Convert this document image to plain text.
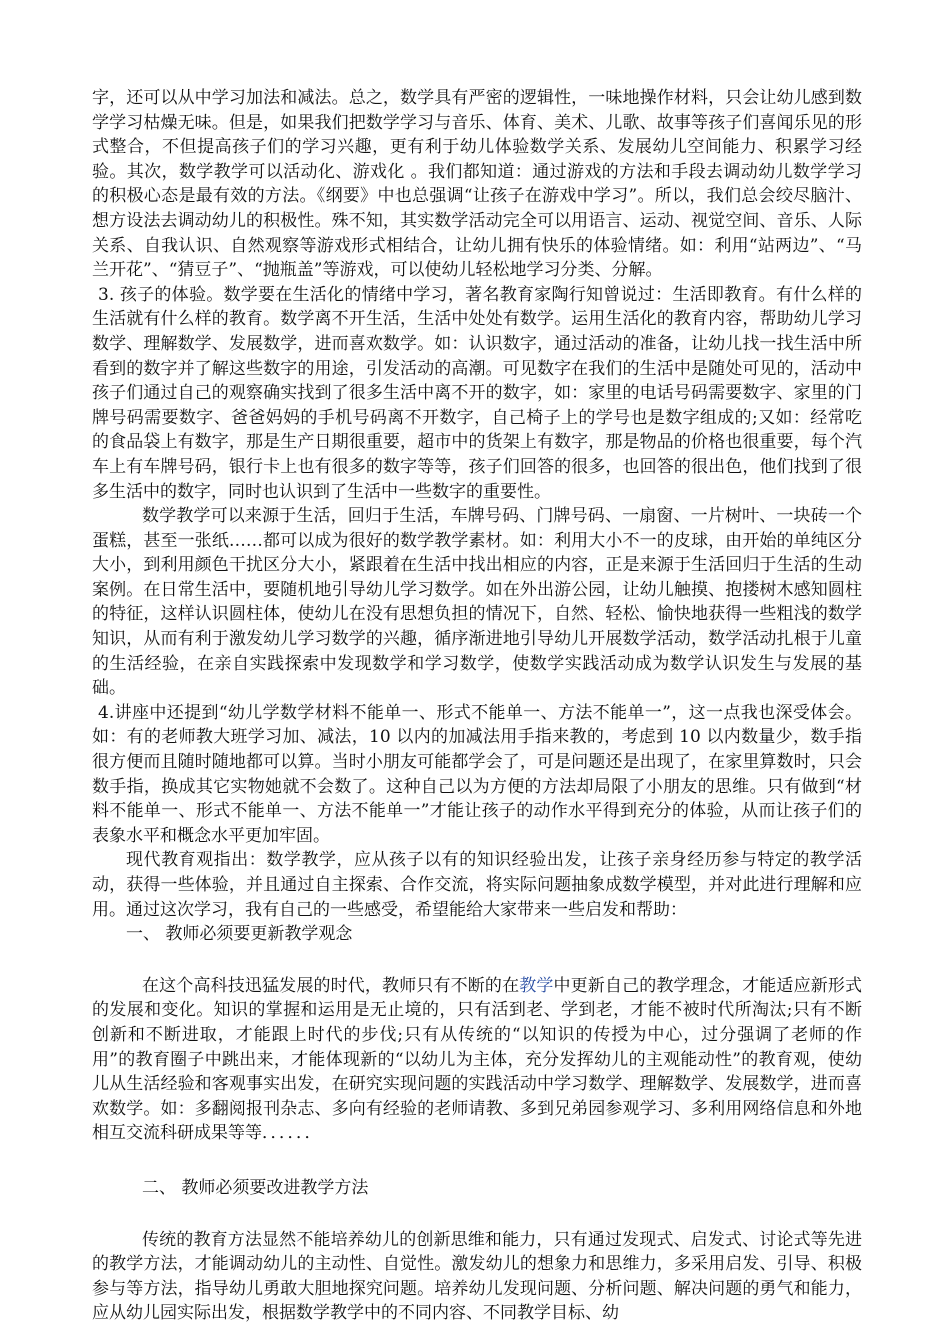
字，还可以从中学习加法和减法。总之，数学具有严密的逻辑性，一味地操作材料，只会让幼儿感到数学学习枯燥无味。但是，如果我们把数学学习与音乐、体育、美术、儿歌、故事等孩子们喜闻乐见的形式整合，不但提高孩子们的学习兴趣，更有利于幼儿体验数学关系、发展幼儿空间能力、积累学习经验。其次，数学教学可以活动化、游戏化 。我们都知道：通过游戏的方法和手段去调动幼儿数学学习的积极心态是最有效的方法。《纲要》中也总强调“让孩子在游戏中学习”。所以，我们总会绞尽脑汁、想方设法去调动幼儿的积极性。殊不知，其实数学活动完全可以用语言、运动、视觉空间、音乐、人际关系、自我认识、自然观察等游戏形式相结合，让幼儿拥有快乐的体验情绪。如：利用“站两边”、“马兰开花”、“猜豆子”、“抛瓶盖”等游戏，可以使幼儿轻松地学习分类、分解。

3. 孩子的体验。数学要在生活化的情绪中学习，著名教育家陶行知曾说过：生活即教育。有什么样的生活就有什么样的教育。数学离不开生活，生活中处处有数学。运用生活化的教育内容，帮助幼儿学习数学、理解数学、发展数学，进而喜欢数学。如：认识数字，通过活动的准备，让幼儿找一找生活中所看到的数字并了解这些数字的用途，引发活动的高潮。可见数字在我们的生活中是随处可见的，活动中孩子们通过自己的观察确实找到了很多生活中离不开的数字，如：家里的电话号码需要数字、家里的门牌号码需要数字、爸爸妈妈的手机号码离不开数字，自己椅子上的学号也是数字组成的;又如：经常吃的食品袋上有数字，那是生产日期很重要，超市中的货架上有数字，那是物品的价格也很重要，每个汽车上有车牌号码，银行卡上也有很多的数字等等，孩子们回答的很多，也回答的很出色，他们找到了很多生活中的数字，同时也认识到了生活中一些数字的重要性。

数学教学可以来源于生活，回归于生活，车牌号码、门牌号码、一扇窗、一片树叶、一块砖一个蛋糕，甚至一张纸……都可以成为很好的数学教学素材。如：利用大小不一的皮球，由开始的单纯区分大小，到利用颜色干扰区分大小，紧跟着在生活中找出相应的内容，正是来源于生活回归于生活的生动案例。在日常生活中，要随机地引导幼儿学习数学。如在外出游公园，让幼儿触摸、抱搂树木感知圆柱的特征，这样认识圆柱体，使幼儿在没有思想负担的情况下，自然、轻松、愉快地获得一些粗浅的数学知识，从而有利于激发幼儿学习数学的兴趣，循序渐进地引导幼儿开展数学活动，数学活动扎根于儿童的生活经验，在亲自实践探索中发现数学和学习数学，使数学实践活动成为数学认识发生与发展的基础。

4.讲座中还提到“幼儿学数学材料不能单一、形式不能单一、方法不能单一”，这一点我也深受体会。如：有的老师教大班学习加、减法，10 以内的加减法用手指来教的，考虑到 10 以内数量少，数手指很方便而且随时随地都可以算。当时小朋友可能都学会了，可是问题还是出现了，在家里算数时，只会数手指，换成其它实物她就不会数了。这种自己以为方便的方法却局限了小朋友的思维。只有做到“材料不能单一、形式不能单一、方法不能单一”才能让孩子的动作水平得到充分的体验，从而让孩子们的表象水平和概念水平更加牢固。

现代教育观指出：数学教学，应从孩子以有的知识经验出发，让孩子亲身经历参与特定的教学活动，获得一些体验，并且通过自主探索、合作交流，将实际问题抽象成数学模型，并对此进行理解和应用。通过这次学习，我有自己的一些感受，希望能给大家带来一些启发和帮助：

一、 教师必须要更新教学观念

在这个高科技迅猛发展的时代，教师只有不断的在教学中更新自己的教学理念，才能适应新形式的发展和变化。知识的掌握和运用是无止境的，只有活到老、学到老，才能不被时代所淘汰;只有不断创新和不断进取，才能跟上时代的步伐;只有从传统的“以知识的传授为中心，过分强调了老师的作用”的教育圈子中跳出来，才能体现新的“以幼儿为主体，充分发挥幼儿的主观能动性”的教育观，使幼儿从生活经验和客观事实出发，在研究实现问题的实践活动中学习数学、理解数学、发展数学，进而喜欢数学。如：多翻阅报刊杂志、多向有经验的老师请教、多到兄弟园参观学习、多利用网络信息和外地相互交流科研成果等等．．．．．．

二、 教师必须要改进教学方法

传统的教育方法显然不能培养幼儿的创新思维和能力，只有通过发现式、启发式、讨论式等先进的教学方法，才能调动幼儿的主动性、自觉性。激发幼儿的想象力和思维力，多采用启发、引导、积极参与等方法，指导幼儿勇敢大胆地探究问题。培养幼儿发现问题、分析问题、解决问题的勇气和能力，应从幼儿园实际出发，根据数学教学中的不同内容、不同教学目标、幼
